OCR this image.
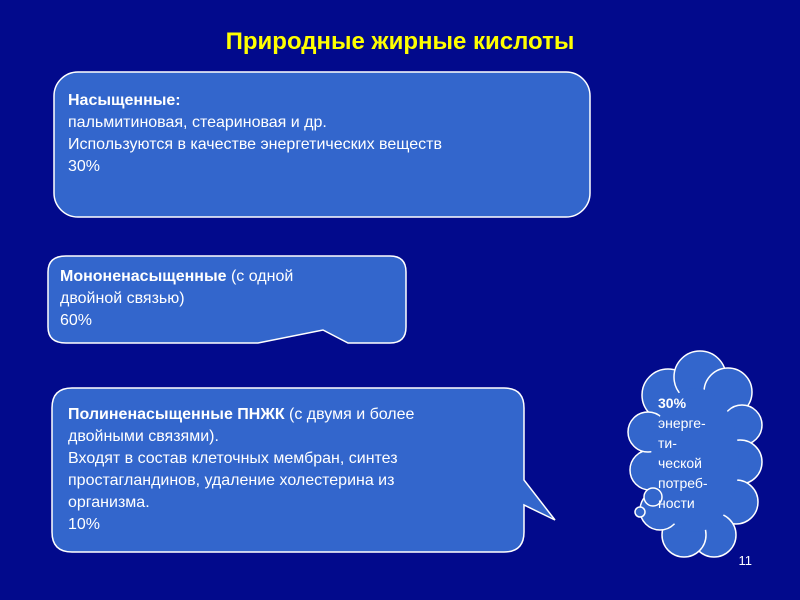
Природные жирные кислоты
Насыщенные:
пальмитиновая, стеариновая и др.
Используются в качестве энергетических веществ
30%
Мононенасыщенные (с одной
двойной связью)
60%
Полиненасыщенные ПНЖК (с двумя и более
двойными связями).
Входят в состав клеточных мембран, синтез
простагландинов, удаление холестерина из
организма.
10%
30%
энерге-
ти-
ческой
потреб-
ности
11
